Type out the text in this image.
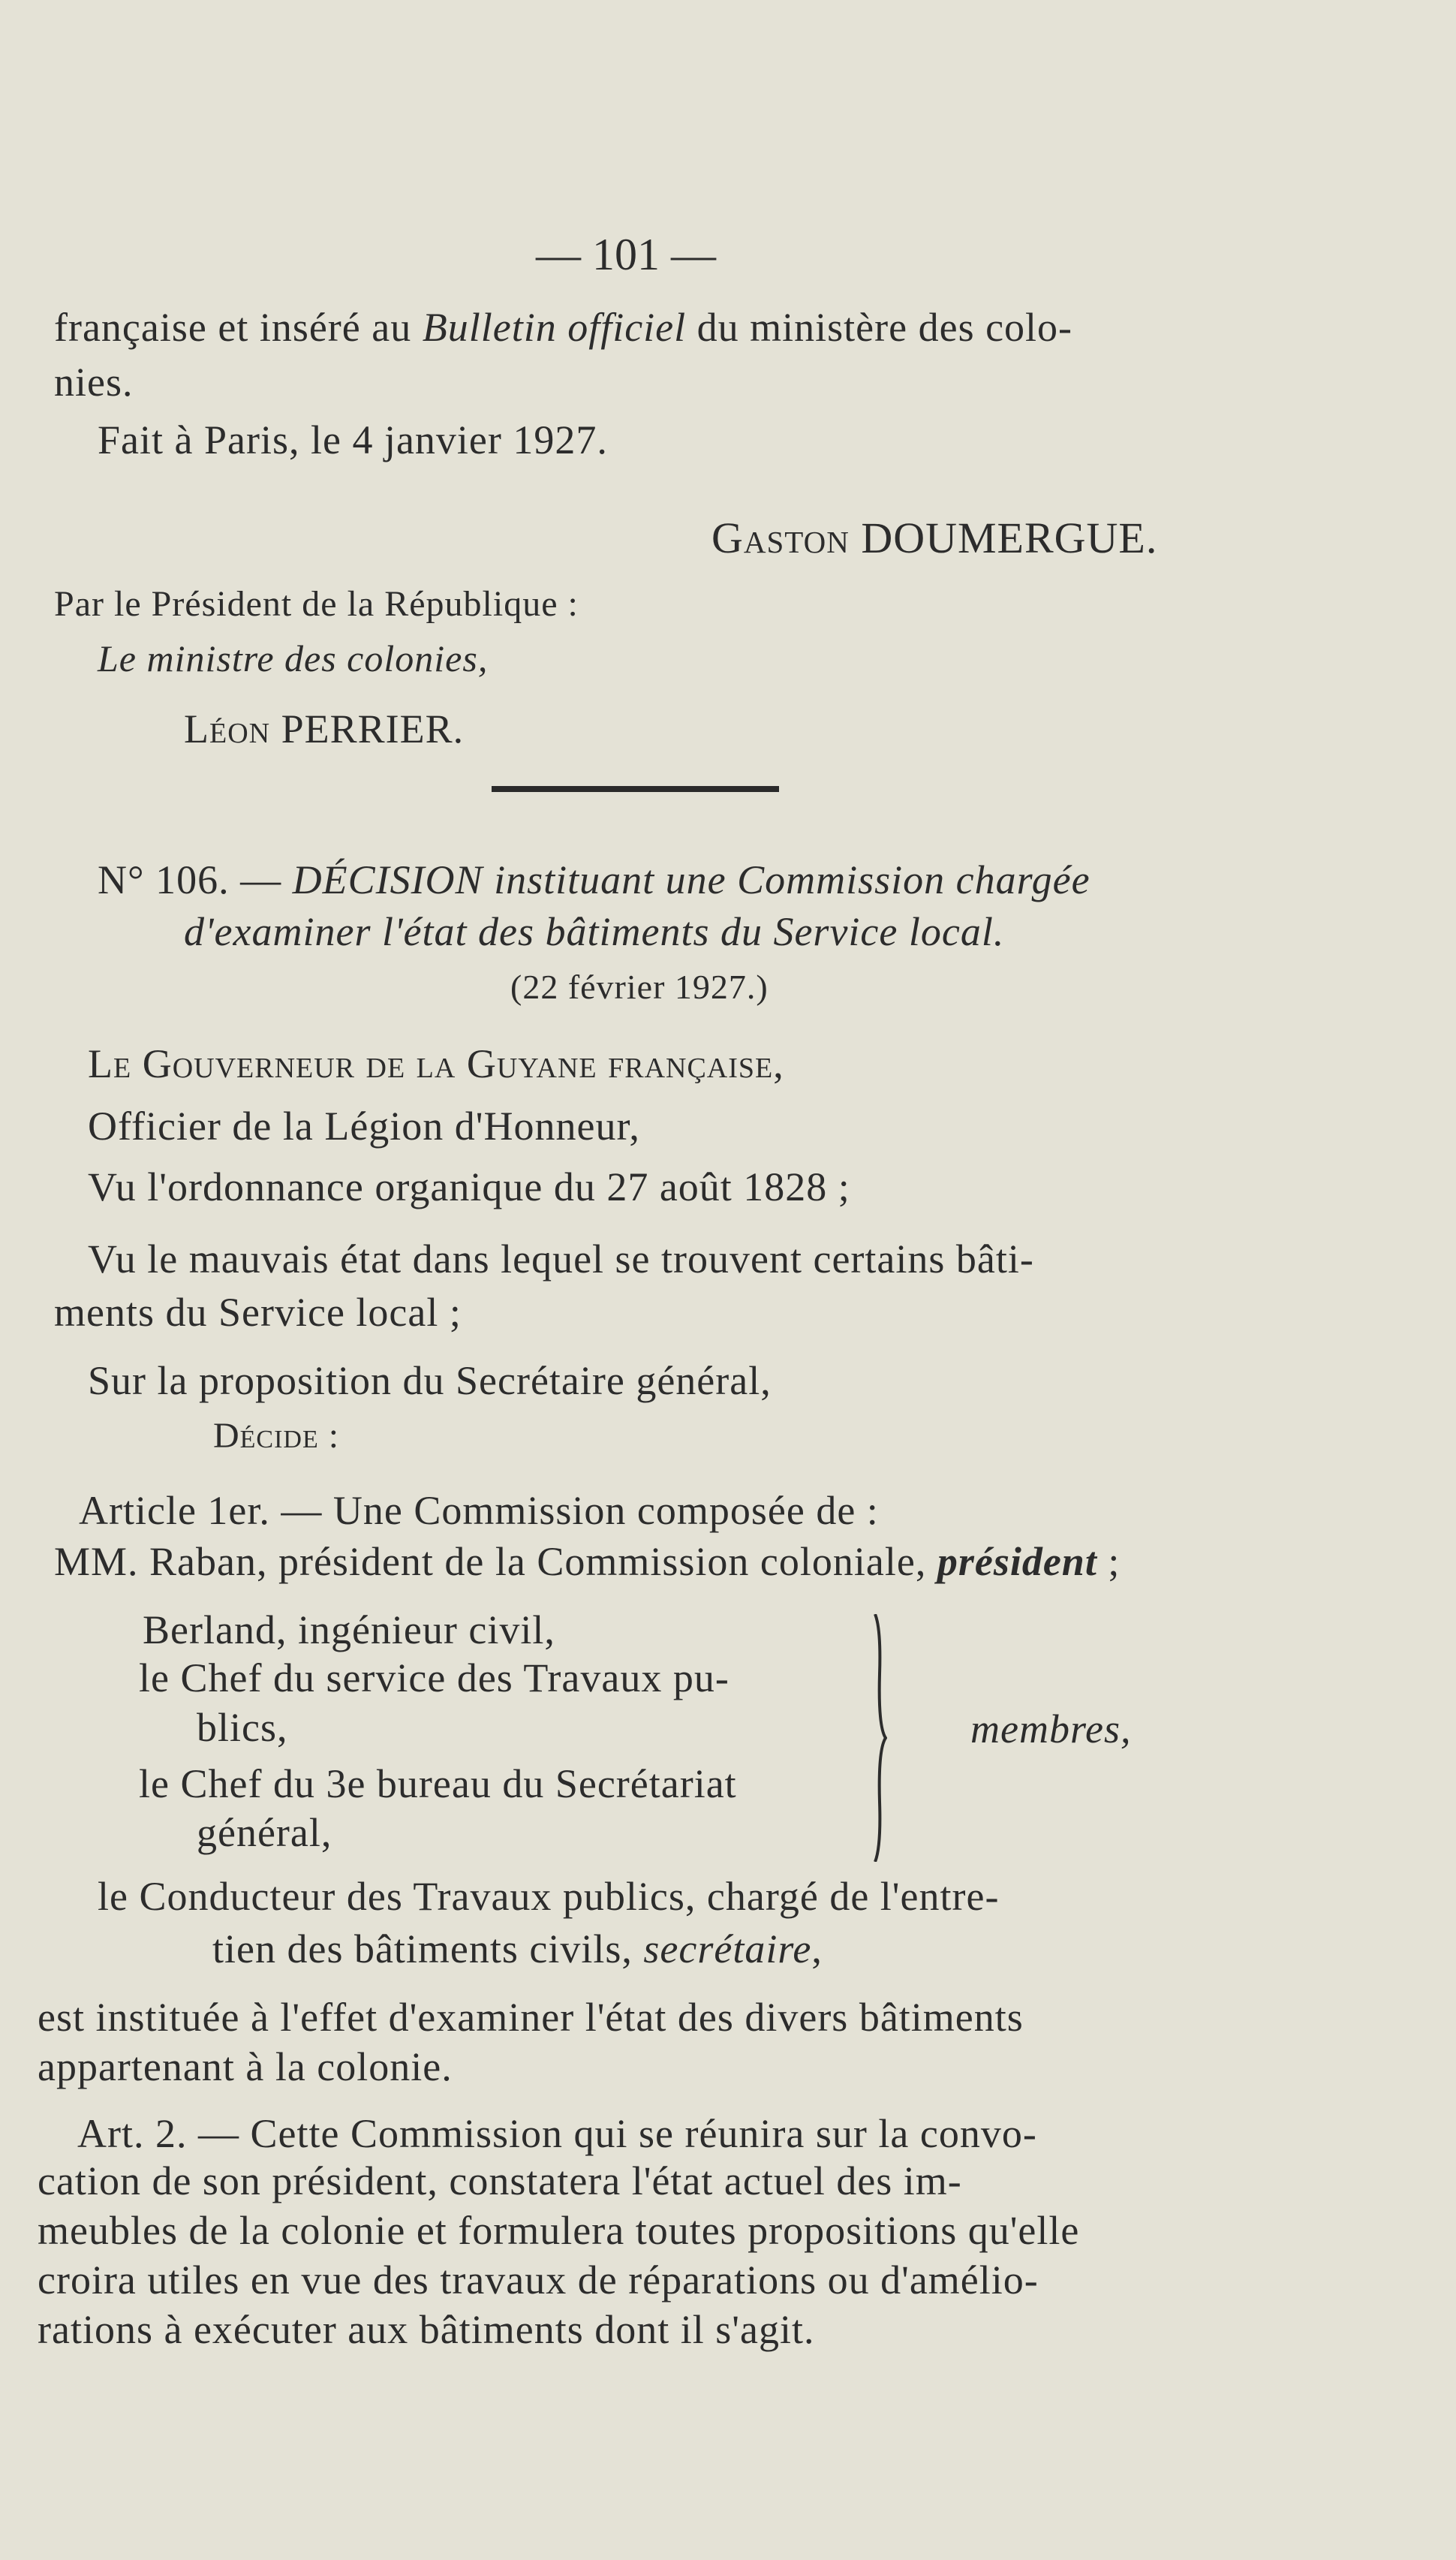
— 101 —
française et inséré au Bulletin officiel du ministère des colo-
nies.
Fait à Paris, le 4 janvier 1927.
Gaston DOUMERGUE.
Par le Président de la République :
Le ministre des colonies,
Léon PERRIER.
N° 106. — DÉCISION instituant une Commission chargée
d'examiner l'état des bâtiments du Service local.
(22 février 1927.)
Le Gouverneur de la Guyane française,
Officier de la Légion d'Honneur,
Vu l'ordonnance organique du 27 août 1828 ;
Vu le mauvais état dans lequel se trouvent certains bâti-
ments du Service local ;
Sur la proposition du Secrétaire général,
Décide :
Article 1er. — Une Commission composée de :
MM. Raban, président de la Commission coloniale, président ;
Berland, ingénieur civil,
le Chef du service des Travaux pu-
blics,
le Chef du 3e bureau du Secrétariat
général,
membres,
le Conducteur des Travaux publics, chargé de l'entre-
tien des bâtiments civils, secrétaire,
est instituée à l'effet d'examiner l'état des divers bâtiments
appartenant à la colonie.
Art. 2. — Cette Commission qui se réunira sur la convo-
cation de son président, constatera l'état actuel des im-
meubles de la colonie et formulera toutes propositions qu'elle
croira utiles en vue des travaux de réparations ou d'amélio-
rations à exécuter aux bâtiments dont il s'agit.
